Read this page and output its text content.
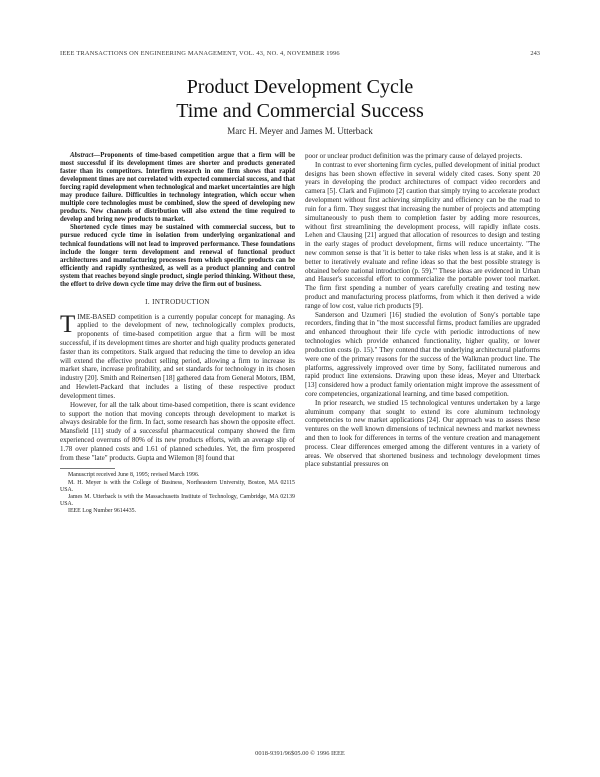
IEEE TRANSACTIONS ON ENGINEERING MANAGEMENT, VOL. 43, NO. 4, NOVEMBER 1996	243
Product Development Cycle
Time and Commercial Success
Marc H. Meyer and James M. Utterback

Abstract—Proponents of time-based competition argue that a firm will be most successful if its development times are shorter and products generated faster than its competitors. Interfirm research in one firm shows that rapid development times are not correlated with expected commercial success, and that forcing rapid development when technological and market uncertainties are high may produce failure. Difficulties in technology integration, which occur when multiple core technologies must be combined, slow the speed of developing new products. New channels of distribution will also extend the time required to develop and bring new products to market.

Shortened cycle times may be sustained with commercial success, but to pursue reduced cycle time in isolation from underlying organizational and technical foundations will not lead to improved performance. These foundations include the longer term development and renewal of functional product architectures and manufacturing processes from which specific products can be efficiently and rapidly synthesized, as well as a product planning and control system that reaches beyond single product, single period thinking. Without these, the effort to drive down cycle time may drive the firm out of business.

I. INTRODUCTION

TIME-BASED competition is a currently popular concept for managing. As applied to the development of new, technologically complex products, proponents of time-based competition argue that a firm will be most successful, if its development times are shorter and high quality products generated faster than its competitors. Stalk argued that reducing the time to develop an idea will extend the effective product selling period, allowing a firm to increase its market share, increase profitability, and set standards for technology in its chosen industry [20]. Smith and Reinertsen [18] gathered data from General Motors, IBM, and Hewlett-Packard that includes a listing of these respective product development times.

However, for all the talk about time-based competition, there is scant evidence to support the notion that moving concepts through development to market is always desirable for the firm. In fact, some research has shown the opposite effect. Mansfield [11] study of a successful pharmaceutical company showed the firm experienced overruns of 80% of its new products efforts, with an average slip of 1.78 over planned costs and 1.61 of planned schedules. Yet, the firm prospered from these "late" products. Gupta and Wilemon [8] found that

Manuscript received June 8, 1995; revised March 1996.

M. H. Meyer is with the College of Business, Northeastern University, Boston, MA 02115 USA.

James M. Utterback is with the Massachusetts Institute of Technology, Cambridge, MA 02139 USA.

IEEE Log Number 9614435.

poor or unclear product definition was the primary cause of delayed projects.

In contrast to ever shortening firm cycles, pulled development of initial product designs has been shown effective in several widely cited cases. Sony spent 20 years in developing the product architectures of compact video recorders and camera [5]. Clark and Fujimoto [2] caution that simply trying to accelerate product development without first achieving simplicity and efficiency can be the road to ruin for a firm. They suggest that increasing the number of projects and attempting simultaneously to push them to completion faster by adding more resources, without first streamlining the development process, will rapidly inflate costs. Lehen and Clausing [21] argued that allocation of resources to design and testing in the early stages of product development, firms will reduce uncertainty. "The new common sense is that 'it is better to take risks when less is at stake, and it is better to iteratively evaluate and refine ideas so that the best possible strategy is obtained before national introduction (p. 59).'" These ideas are evidenced in Urban and Hauser's successful effort to commercialize the portable power tool market. The firm first spending a number of years carefully creating and testing new product and manufacturing process platforms, from which it then derived a wide range of low cost, value rich products [9].

Sanderson and Uzumeri [16] studied the evolution of Sony's portable tape recorders, finding that in "the most successful firms, product families are upgraded and enhanced throughout their life cycle with periodic introductions of new technologies which provide enhanced functionality, higher quality, or lower production costs (p. 15)." They contend that the underlying architectural platforms were one of the primary reasons for the success of the Walkman product line. The platforms, aggressively improved over time by Sony, facilitated numerous and rapid product line extensions. Drawing upon these ideas, Meyer and Utterback [13] considered how a product family orientation might improve the assessment of core competencies, organizational learning, and time based competition.

In prior research, we studied 15 technological ventures undertaken by a large aluminum company that sought to extend its core aluminum technology competencies to new market applications [24]. Our approach was to assess these ventures on the well known dimensions of technical newness and market newness and then to look for differences in terms of the venture creation and management process. Clear differences emerged among the different ventures in a variety of areas. We observed that shortened business and technology development times place substantial pressures on

0018-9391/96$05.00 © 1996 IEEE
